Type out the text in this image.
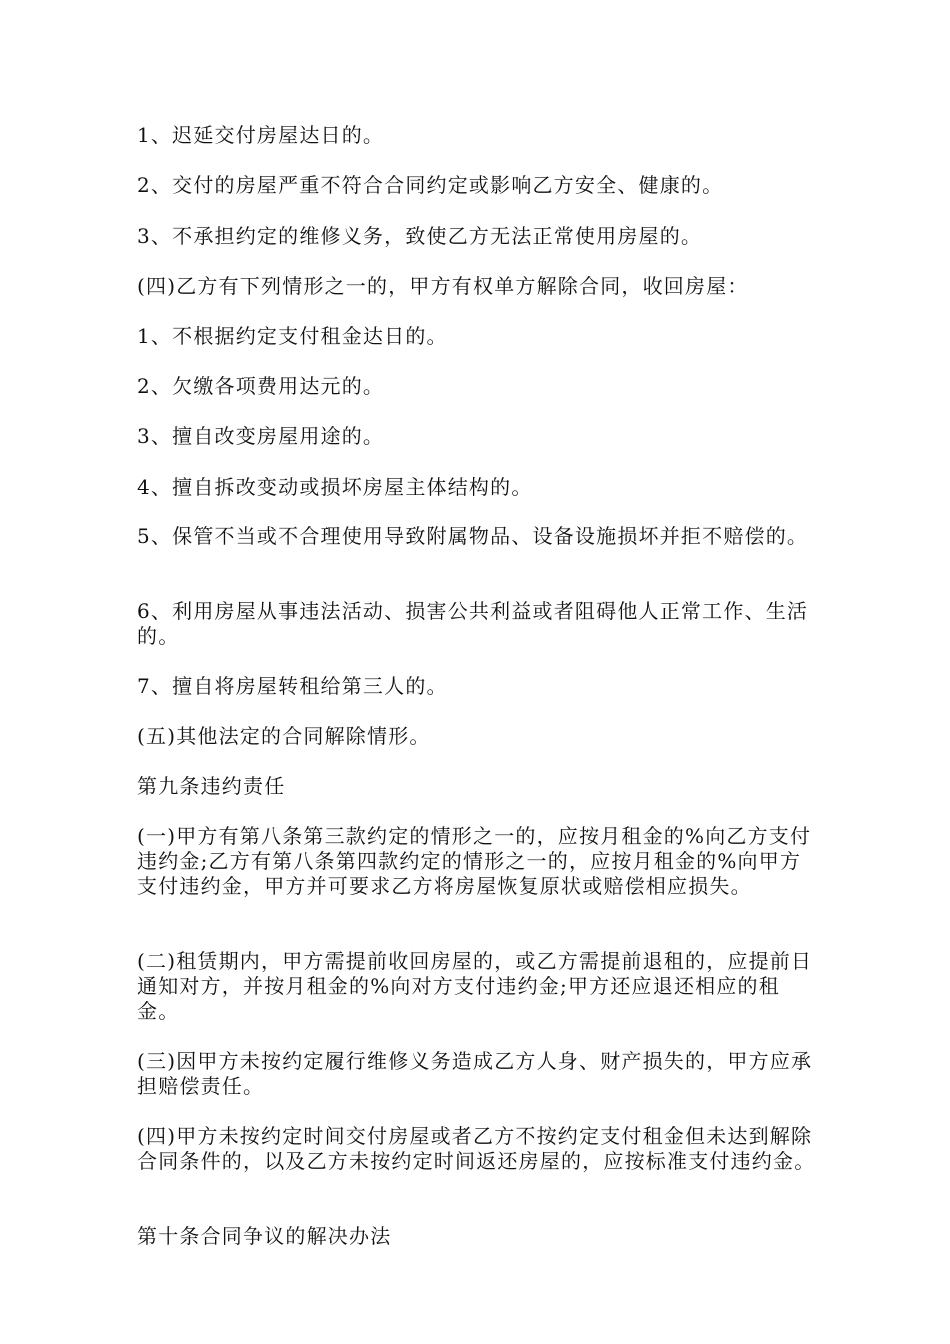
1、迟延交付房屋达日的。

2、交付的房屋严重不符合合同约定或影响乙方安全、健康的。

3、不承担约定的维修义务，致使乙方无法正常使用房屋的。

(四)乙方有下列情形之一的，甲方有权单方解除合同，收回房屋：

1、不根据约定支付租金达日的。

2、欠缴各项费用达元的。

3、擅自改变房屋用途的。

4、擅自拆改变动或损坏房屋主体结构的。

5、保管不当或不合理使用导致附属物品、设备设施损坏并拒不赔偿的。

6、利用房屋从事违法活动、损害公共利益或者阻碍他人正常工作、生活的。

7、擅自将房屋转租给第三人的。

(五)其他法定的合同解除情形。

第九条违约责任

(一)甲方有第八条第三款约定的情形之一的，应按月租金的%向乙方支付违约金;乙方有第八条第四款约定的情形之一的，应按月租金的%向甲方支付违约金，甲方并可要求乙方将房屋恢复原状或赔偿相应损失。

(二)租赁期内，甲方需提前收回房屋的，或乙方需提前退租的，应提前日通知对方，并按月租金的%向对方支付违约金;甲方还应退还相应的租金。

(三)因甲方未按约定履行维修义务造成乙方人身、财产损失的，甲方应承担赔偿责任。

(四)甲方未按约定时间交付房屋或者乙方不按约定支付租金但未达到解除合同条件的，以及乙方未按约定时间返还房屋的，应按标准支付违约金。

第十条合同争议的解决办法
